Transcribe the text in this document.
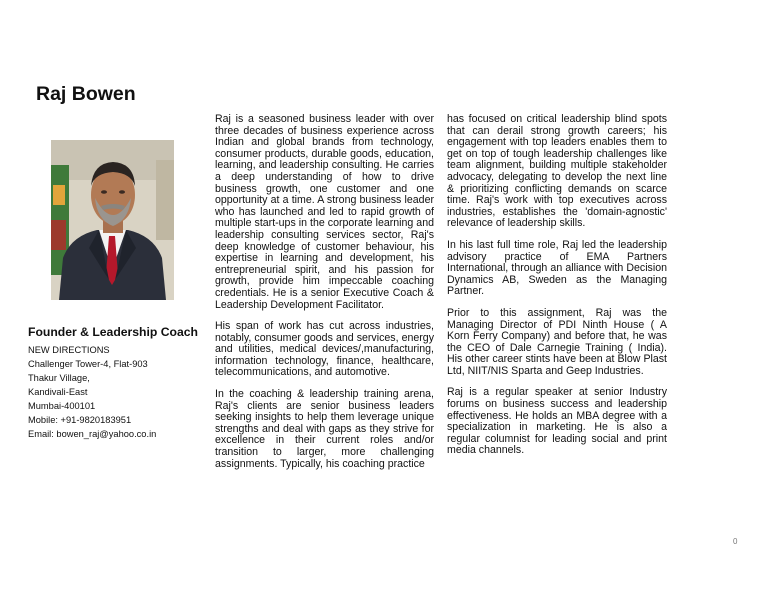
Raj Bowen
Founder & Leadership Coach
NEW DIRECTIONS
Challenger Tower-4, Flat-903
Thakur Village,
Kandivali-East
Mumbai-400101
Mobile: +91-9820183951
Email: bowen_raj@yahoo.co.in

Raj is a seasoned business leader with over three decades of business experience across Indian and global brands from technology, consumer products, durable goods, education, learning, and leadership consulting. He carries a deep understanding of how to drive business growth, one customer and one opportunity at a time. A strong business leader who has launched and led to rapid growth of multiple start-ups in the corporate learning and leadership consulting services sector, Raj's deep knowledge of customer behaviour, his expertise in learning and development, his entrepreneurial spirit, and his passion for growth, provide him impeccable coaching credentials. He is a senior Executive Coach & Leadership Development Facilitator.

His span of work has cut across industries, notably, consumer goods and services, energy and utilities, medical devices/,manufacturing, information technology, finance, healthcare, telecommunications, and automotive.

In the coaching & leadership training arena, Raj's clients are senior business leaders seeking insights to help them leverage unique strengths and deal with gaps as they strive for excellence in their current roles and/or transition to larger, more challenging assignments. Typically, his coaching practice

has focused on critical leadership blind spots that can derail strong growth careers; his engagement with top leaders enables them to get on top of tough leadership challenges like team alignment, building multiple stakeholder advocacy, delegating to develop the next line & prioritizing conflicting demands on scarce time. Raj's work with top executives across industries, establishes the 'domain-agnostic' relevance of leadership skills.

In his last full time role, Raj led the leadership advisory practice of EMA Partners International, through an alliance with Decision Dynamics AB, Sweden as the Managing Partner.

Prior to this assignment, Raj was the Managing Director of PDI Ninth House ( A Korn Ferry Company) and before that, he was the CEO of Dale Carnegie Training ( India). His other career stints have been at Blow Plast Ltd, NIIT/NIS Sparta and Geep Industries.

Raj is a regular speaker at senior Industry forums on business success and leadership effectiveness. He holds an MBA degree with a specialization in marketing. He is also a regular columnist for leading social and print media channels.

0
